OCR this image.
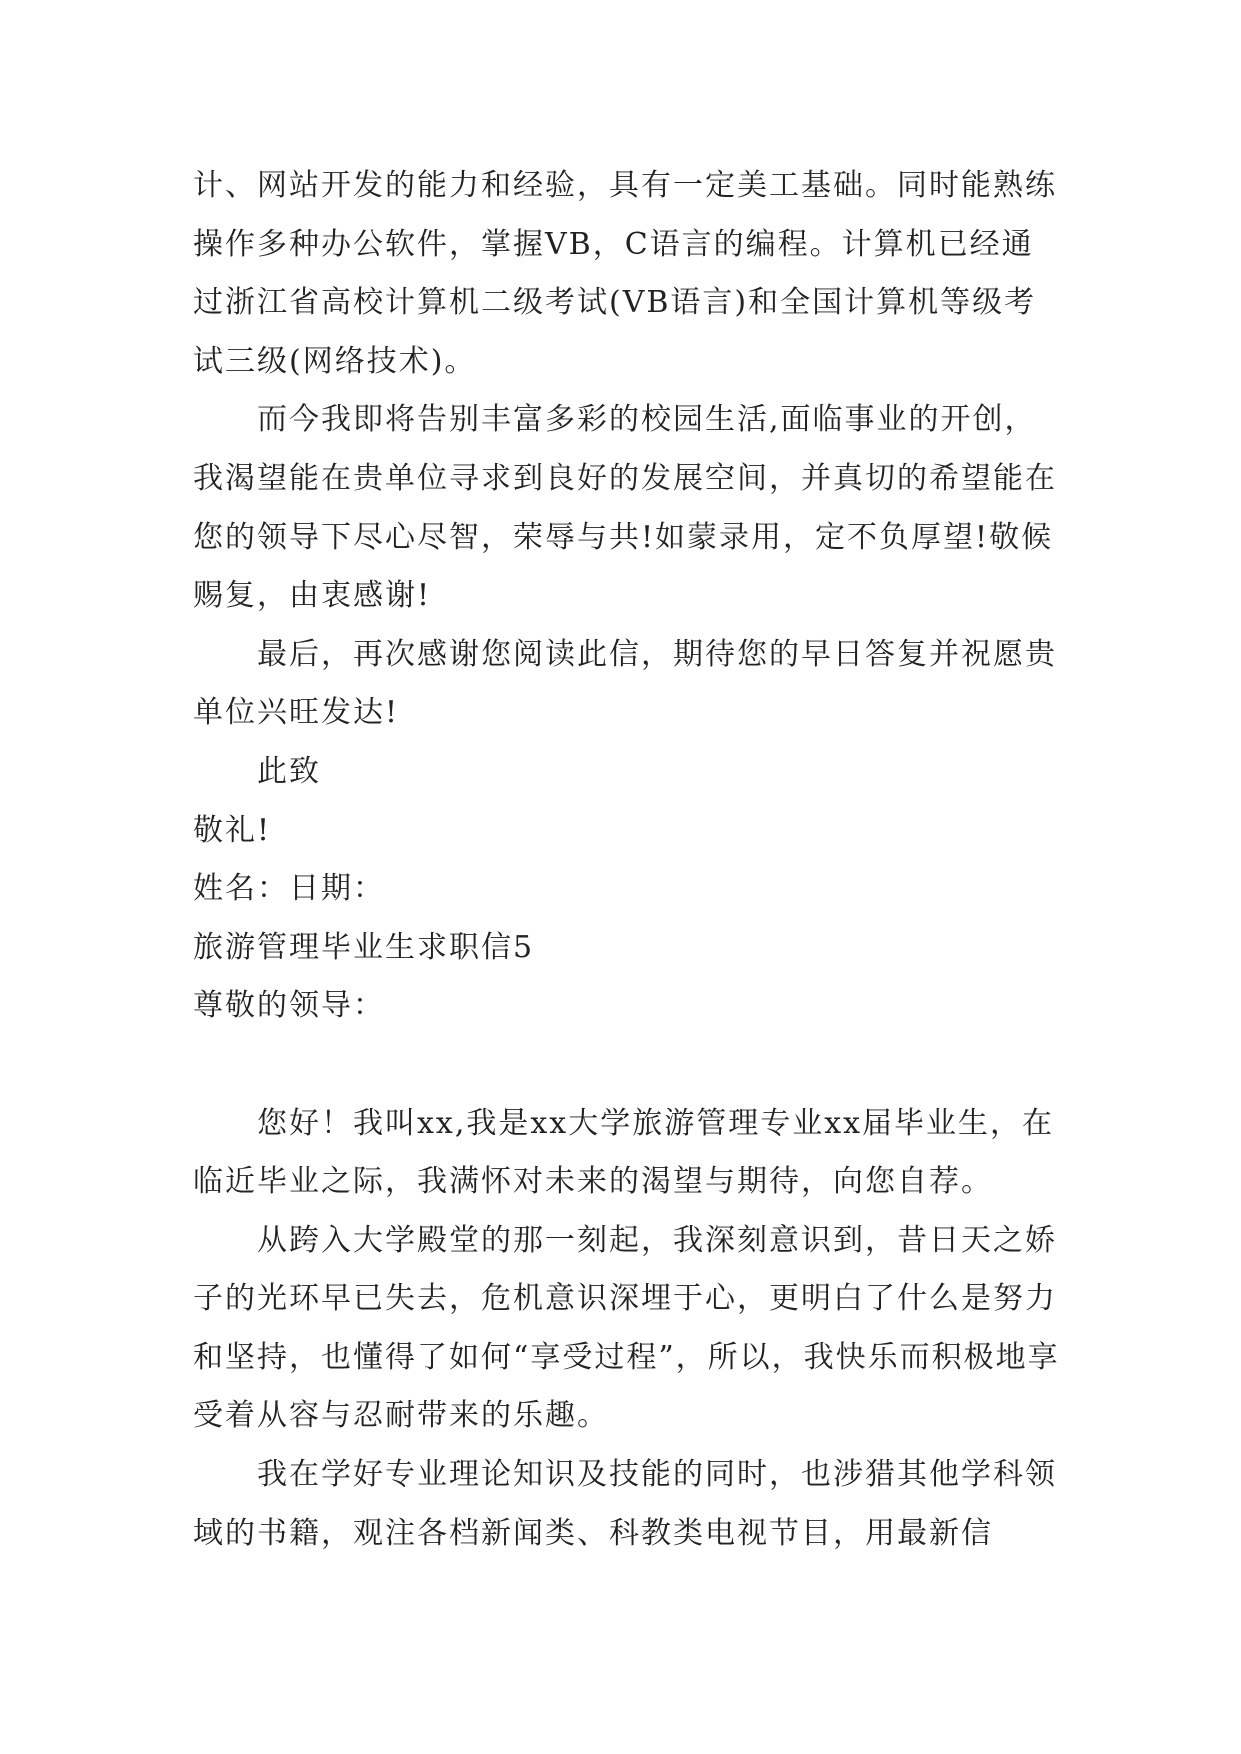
计、网站开发的能力和经验，具有一定美工基础。同时能熟练操作多种办公软件，掌握VB，C语言的编程。计算机已经通过浙江省高校计算机二级考试(VB语言)和全国计算机等级考试三级(网络技术)。

而今我即将告别丰富多彩的校园生活,面临事业的开创，我渴望能在贵单位寻求到良好的发展空间，并真切的希望能在您的领导下尽心尽智，荣辱与共!如蒙录用，定不负厚望!敬候赐复，由衷感谢!

最后，再次感谢您阅读此信，期待您的早日答复并祝愿贵单位兴旺发达!

此致

敬礼!

姓名：日期：

旅游管理毕业生求职信5

尊敬的领导：

您好！我叫xx,我是xx大学旅游管理专业xx届毕业生，在临近毕业之际，我满怀对未来的渴望与期待，向您自荐。

从跨入大学殿堂的那一刻起，我深刻意识到，昔日天之娇子的光环早已失去，危机意识深埋于心，更明白了什么是努力和坚持，也懂得了如何“享受过程”，所以，我快乐而积极地享受着从容与忍耐带来的乐趣。

我在学好专业理论知识及技能的同时，也涉猎其他学科领域的书籍，观注各档新闻类、科教类电视节目，用最新信
